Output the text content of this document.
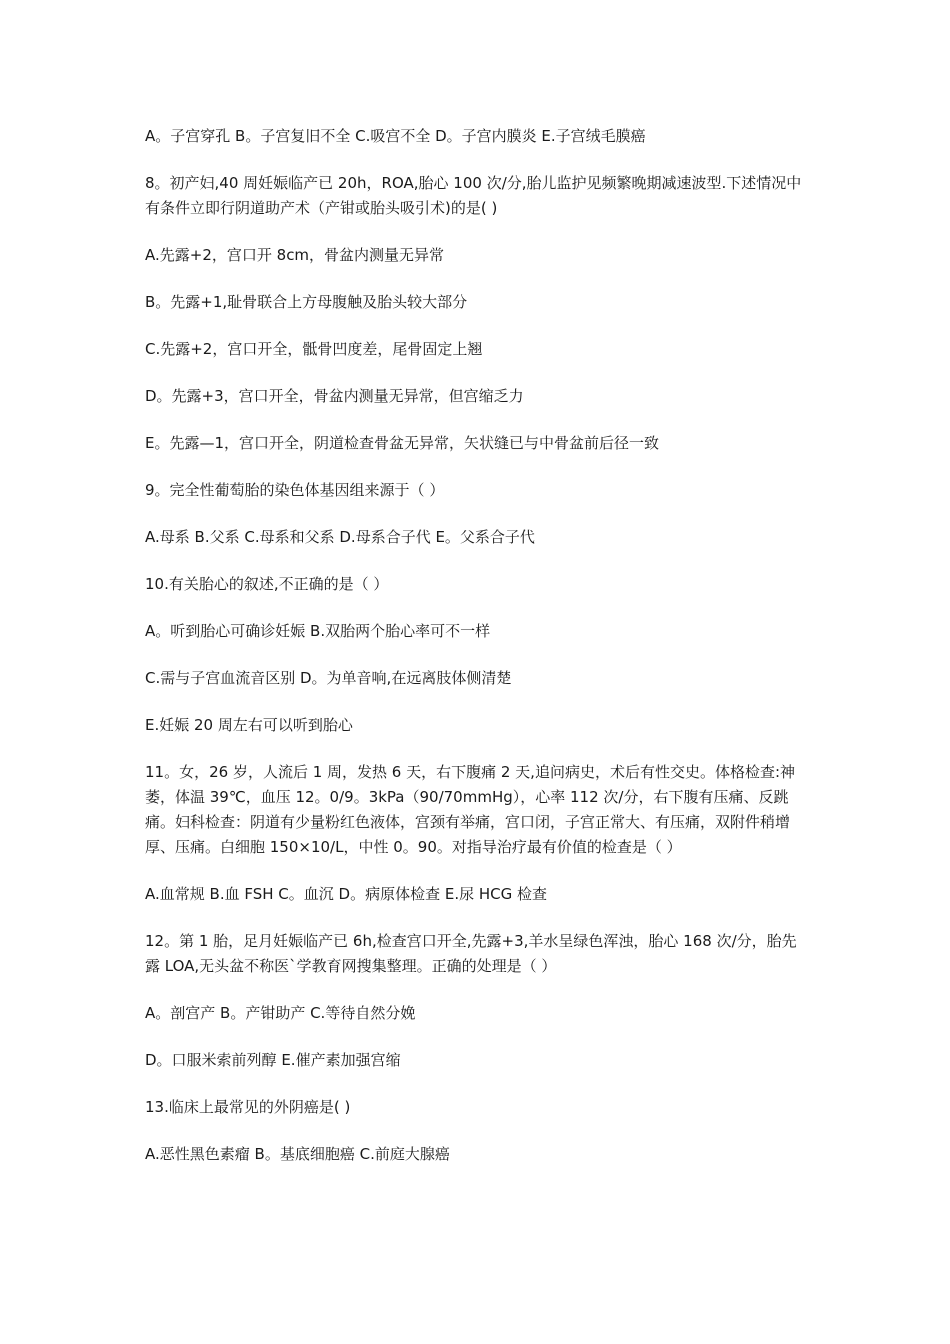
A。子宫穿孔 B。子宫复旧不全 C.吸宫不全 D。子宫内膜炎 E.子宫绒毛膜癌

8。初产妇,40 周妊娠临产已 20h，ROA,胎心 100 次/分,胎儿监护见频繁晚期减速波型.下述情况中有条件立即行阴道助产术（产钳或胎头吸引术)的是( )

A.先露+2，宫口开 8cm，骨盆内测量无异常

B。先露+1,耻骨联合上方母腹触及胎头较大部分

C.先露+2，宫口开全，骶骨凹度差，尾骨固定上翘

D。先露+3，宫口开全，骨盆内测量无异常，但宫缩乏力

E。先露—1，宫口开全，阴道检查骨盆无异常，矢状缝已与中骨盆前后径一致

9。完全性葡萄胎的染色体基因组来源于（ ）

A.母系 B.父系 C.母系和父系 D.母系合子代 E。父系合子代

10.有关胎心的叙述,不正确的是（ ）

A。听到胎心可确诊妊娠 B.双胎两个胎心率可不一样

C.需与子宫血流音区别 D。为单音响,在远离肢体侧清楚

E.妊娠 20 周左右可以听到胎心

11。女，26 岁，人流后 1 周，发热 6 天，右下腹痛 2 天,追问病史，术后有性交史。体格检查:神萎，体温 39℃，血压 12。0/9。3kPa（90/70mmHg），心率 112 次/分，右下腹有压痛、反跳痛。妇科检查：阴道有少量粉红色液体，宫颈有举痛，宫口闭，子宫正常大、有压痛，双附件稍增厚、压痛。白细胞 150×10/L，中性 0。90。对指导治疗最有价值的检查是（ ）

A.血常规 B.血 FSH C。血沉 D。病原体检查 E.尿 HCG 检查

12。第 1 胎，足月妊娠临产已 6h,检查宫口开全,先露+3,羊水呈绿色浑浊，胎心 168 次/分，胎先露 LOA,无头盆不称医`学教育网搜集整理。正确的处理是（ ）

A。剖宫产 B。产钳助产 C.等待自然分娩

D。口服米索前列醇 E.催产素加强宫缩

13.临床上最常见的外阴癌是( )

A.恶性黑色素瘤 B。基底细胞癌 C.前庭大腺癌
